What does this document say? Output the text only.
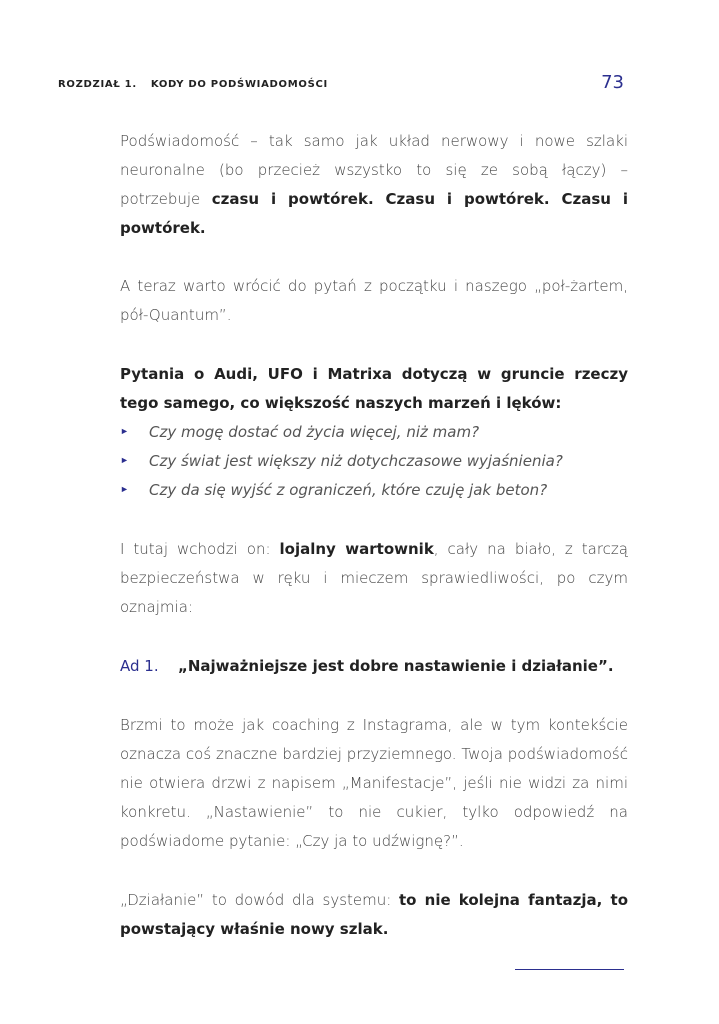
ROZDZIAŁ 1. KODY DO PODŚWIADOMOŚCI	73

Podświadomość – tak samo jak układ nerwowy i nowe szlaki neuronalne (bo przecież wszystko to się ze sobą łączy) – potrzebuje czasu i powtórek. Czasu i powtórek. Czasu i powtórek.

A teraz warto wrócić do pytań z początku i naszego „poł-żartem, pół-Quantum”.

Pytania o Audi, UFO i Matrixa dotyczą w gruncie rzeczy tego samego, co większość naszych marzeń i lęków:

► Czy mogę dostać od życia więcej, niż mam?
► Czy świat jest większy niż dotychczasowe wyjaśnienia?
► Czy da się wyjść z ograniczeń, które czuję jak beton?

I tutaj wchodzi on: lojalny wartownik, cały na biało, z tarczą bezpieczeństwa w ręku i mieczem sprawiedliwości, po czym oznajmia:

Ad 1.	„Najważniejsze jest dobre nastawienie i działanie”.

Brzmi to może jak coaching z Instagrama, ale w tym kontekście oznacza coś znaczne bardziej przyziemnego. Twoja podświadomość nie otwiera drzwi z napisem „Manifestacje”, jeśli nie widzi za nimi konkretu. „Nastawienie” to nie cukier, tylko odpowiedź na podświadome pytanie: „Czy ja to udźwignę?”.

„Działanie” to dowód dla systemu: to nie kolejna fantazja, to powstający właśnie nowy szlak.
